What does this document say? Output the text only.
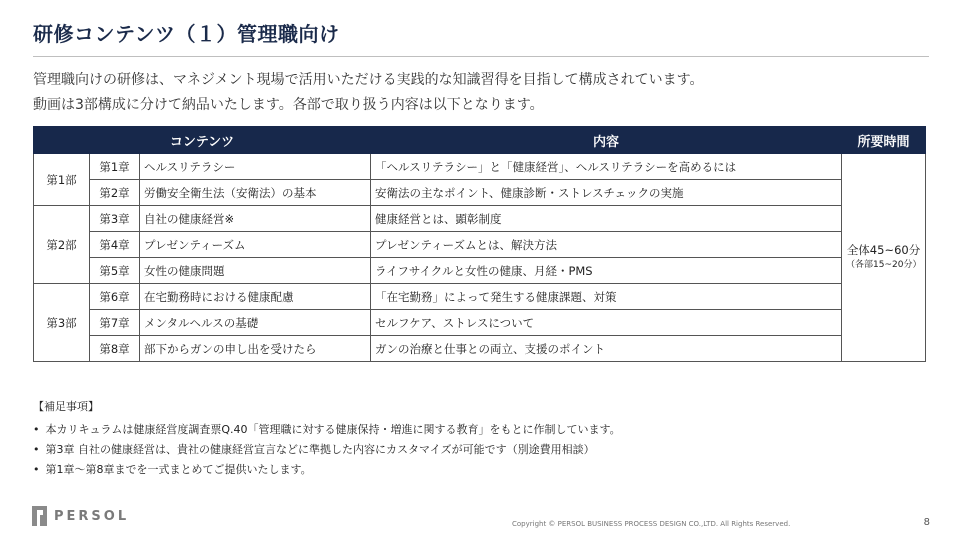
研修コンテンツ（１）管理職向け
管理職向けの研修は、マネジメント現場で活用いただける実践的な知識習得を目指して構成されています。
動画は3部構成に分けて納品いたします。各部で取り扱う内容は以下となります。
コンテンツ			内容	所要時間
第1部	第1章	ヘルスリテラシー	「ヘルスリテラシー」と「健康経営」、ヘルスリテラシーを高めるには	全体45~60分
（各部15~20分）

	第2章	労働安全衛生法（安衛法）の基本	安衛法の主なポイント、健康診断・ストレスチェックの実施	
第2部	第3章	自社の健康経営※	健康経営とは、顕彰制度	
	第4章	プレゼンティーズム	プレゼンティーズムとは、解決方法	
	第5章	女性の健康問題	ライフサイクルと女性の健康、月経・PMS	
第3部	第6章	在宅勤務時における健康配慮	「在宅勤務」によって発生する健康課題、対策	
	第7章	メンタルヘルスの基礎	セルフケア、ストレスについて	
	第8章	部下からガンの申し出を受けたら	ガンの治療と仕事との両立、支援のポイント	
【補足事項】
• 本カリキュラムは健康経営度調査票Q.40「管理職に対する健康保持・増進に関する教育」をもとに作制しています。
• 第3章 自社の健康経営は、貴社の健康経営宣言などに準拠した内容にカスタマイズが可能です（別途費用相談）
• 第1章～第8章までを一式まとめてご提供いたします。
PERSOL
Copyright © PERSOL BUSINESS PROCESS DESIGN CO.,LTD. All Rights Reserved.	8
